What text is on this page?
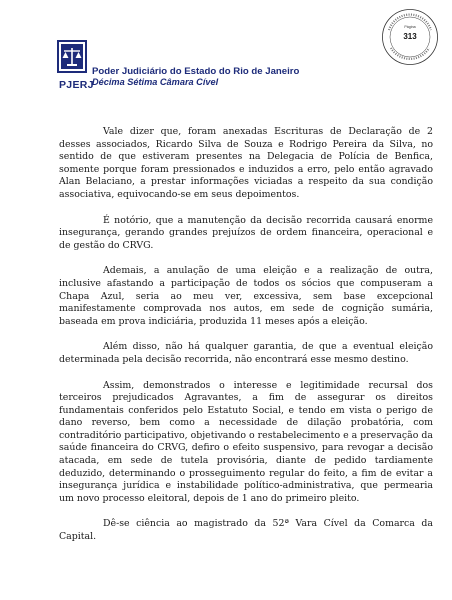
PJERJ
Poder Judiciário do Estado do Rio de Janeiro
Décima Sétima Câmara Cível
Página
313

Vale dizer que, foram anexadas Escrituras de Declaração de 2 desses associados, Ricardo Silva de Souza e Rodrigo Pereira da Silva, no sentido de que estiveram presentes na Delegacia de Polícia de Benfica, somente porque foram pressionados e induzidos a erro, pelo então agravado Alan Belaciano, a prestar informações viciadas a respeito da sua condição associativa, equivocando-se em seus depoimentos.

É notório, que a manutenção da decisão recorrida causará enorme insegurança, gerando grandes prejuízos de ordem financeira, operacional e de gestão do CRVG.

Ademais, a anulação de uma eleição e a realização de outra, inclusive afastando a participação de todos os sócios que compuseram a Chapa Azul, seria ao meu ver, excessiva, sem base excepcional manifestamente comprovada nos autos, em sede de cognição sumária, baseada em prova indiciária, produzida 11 meses após a eleição.

Além disso, não há qualquer garantia, de que a eventual eleição determinada pela decisão recorrida, não encontrará esse mesmo destino.

Assim, demonstrados o interesse e legitimidade recursal dos terceiros prejudicados Agravantes, a fim de assegurar os direitos fundamentais conferidos pelo Estatuto Social, e tendo em vista o perigo de dano reverso, bem como a necessidade de dilação probatória, com contraditório participativo, objetivando o restabelecimento e a preservação da saúde financeira do CRVG, defiro o efeito suspensivo, para revogar a decisão atacada, em sede de tutela provisória, diante de pedido tardiamente deduzido, determinando o prosseguimento regular do feito, a fim de evitar a insegurança jurídica e instabilidade político-administrativa, que permearia um novo processo eleitoral, depois de 1 ano do primeiro pleito.

Dê-se ciência ao magistrado da 52ª Vara Cível da Comarca da Capital.
